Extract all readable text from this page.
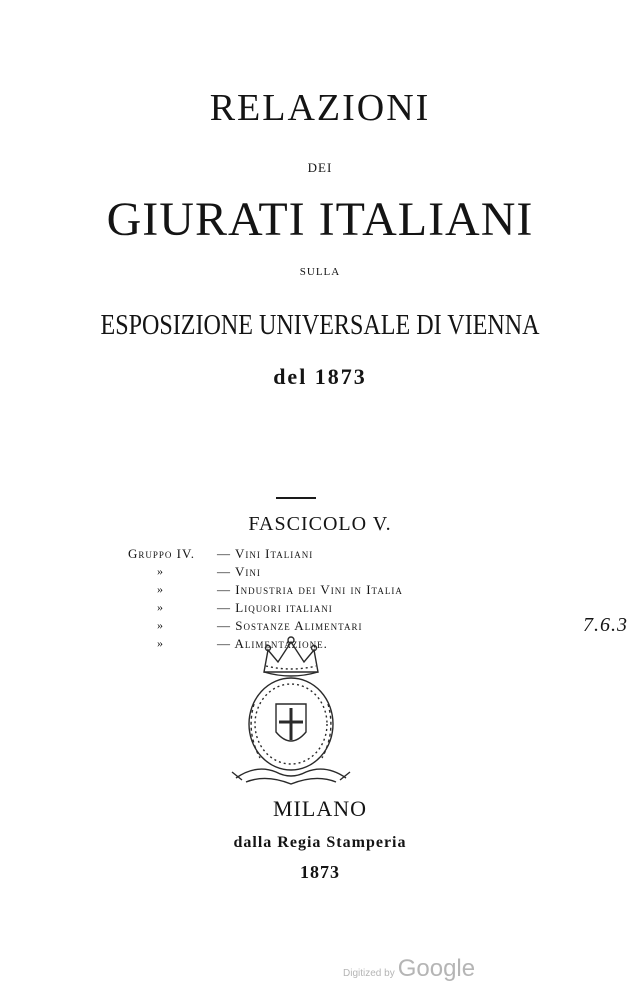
RELAZIONI
DEI
GIURATI ITALIANI
SULLA
ESPOSIZIONE UNIVERSALE DI VIENNA
del 1873
FASCICOLO V.
Gruppo IV. — Vini Italiani
»	— Vini
»	— Industria dei Vini in Italia
»	— Liquori italiani
»	— Sostanze Alimentari
»	— Alimentazione.
7.6.3
MILANO
dalla Regia Stamperia
1873
Digitized by Google
